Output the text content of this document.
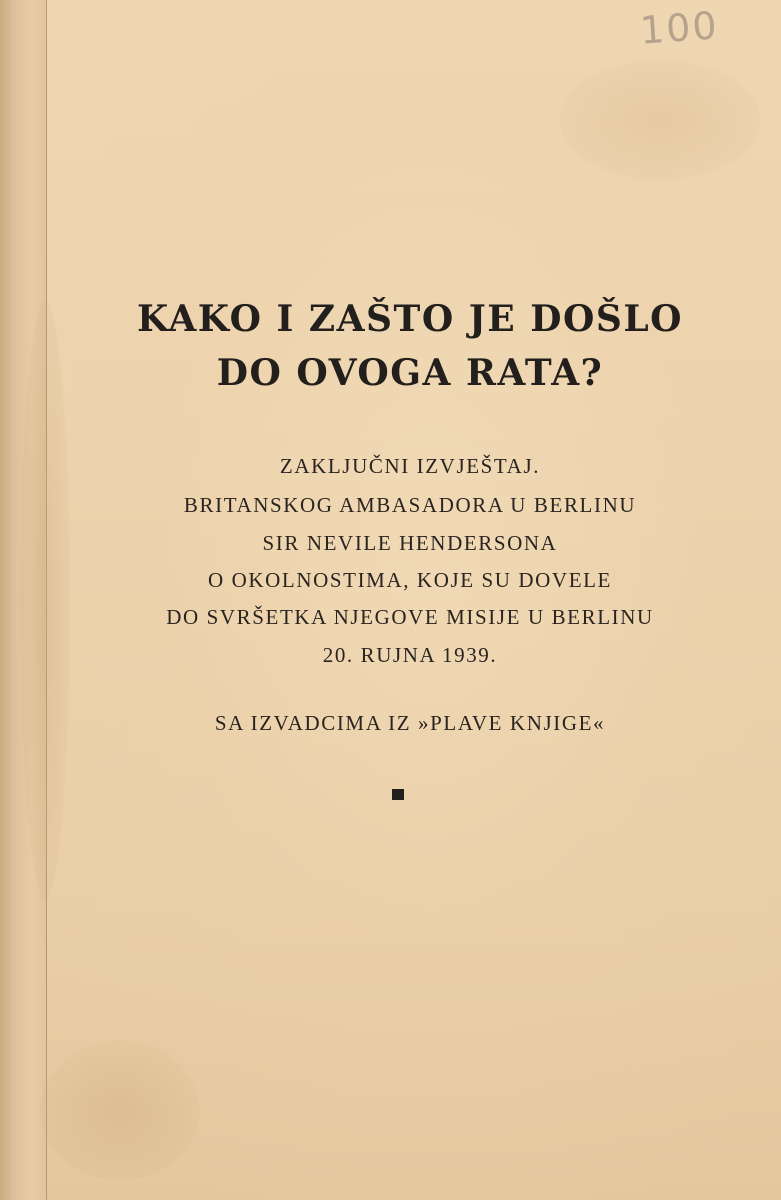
100
KAKO I ZAŠTO JE DOŠLO
DO OVOGA RATA?
ZAKLJUČNI IZVJEŠTAJ.
BRITANSKOG AMBASADORA U BERLINU
SIR NEVILE HENDERSONA
O OKOLNOSTIMA, KOJE SU DOVELE
DO SVRŠETKA NJEGOVE MISIJE U BERLINU
20. RUJNA 1939.
SA IZVADCIMA IZ »PLAVE KNJIGE«
